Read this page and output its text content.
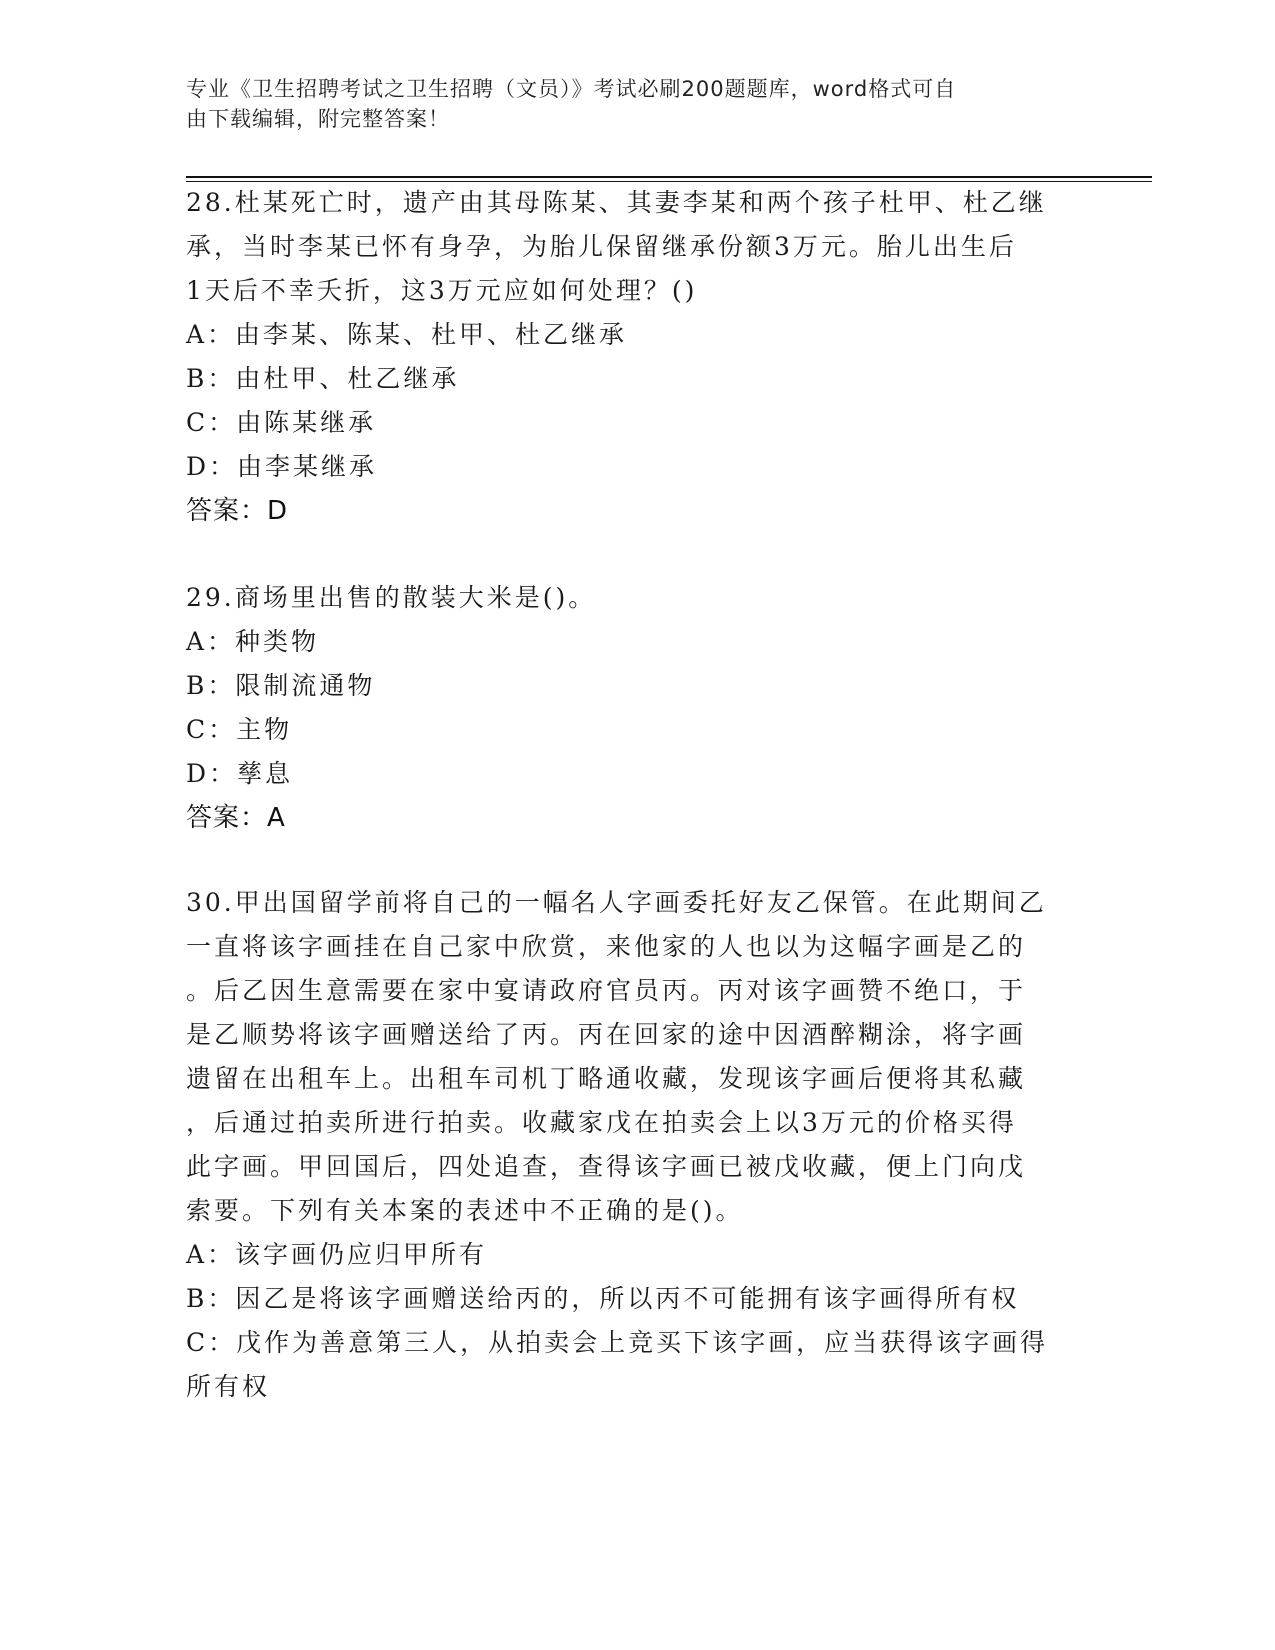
专业《卫生招聘考试之卫生招聘（文员）》考试必刷200题题库，word格式可自
由下载编辑，附完整答案！
28.杜某死亡时，遗产由其母陈某、其妻李某和两个孩子杜甲、杜乙继
承，当时李某已怀有身孕，为胎儿保留继承份额3万元。胎儿出生后
1天后不幸夭折，这3万元应如何处理？()
A：由李某、陈某、杜甲、杜乙继承
B：由杜甲、杜乙继承
C：由陈某继承
D：由李某继承
答案：D
29.商场里出售的散装大米是()。
A：种类物
B：限制流通物
C：主物
D：孳息
答案：A
30.甲出国留学前将自己的一幅名人字画委托好友乙保管。在此期间乙
一直将该字画挂在自己家中欣赏，来他家的人也以为这幅字画是乙的
。后乙因生意需要在家中宴请政府官员丙。丙对该字画赞不绝口，于
是乙顺势将该字画赠送给了丙。丙在回家的途中因酒醉糊涂，将字画
遗留在出租车上。出租车司机丁略通收藏，发现该字画后便将其私藏
，后通过拍卖所进行拍卖。收藏家戊在拍卖会上以3万元的价格买得
此字画。甲回国后，四处追查，查得该字画已被戊收藏，便上门向戊
索要。下列有关本案的表述中不正确的是()。
A：该字画仍应归甲所有
B：因乙是将该字画赠送给丙的，所以丙不可能拥有该字画得所有权
C：戊作为善意第三人，从拍卖会上竞买下该字画，应当获得该字画得
所有权
